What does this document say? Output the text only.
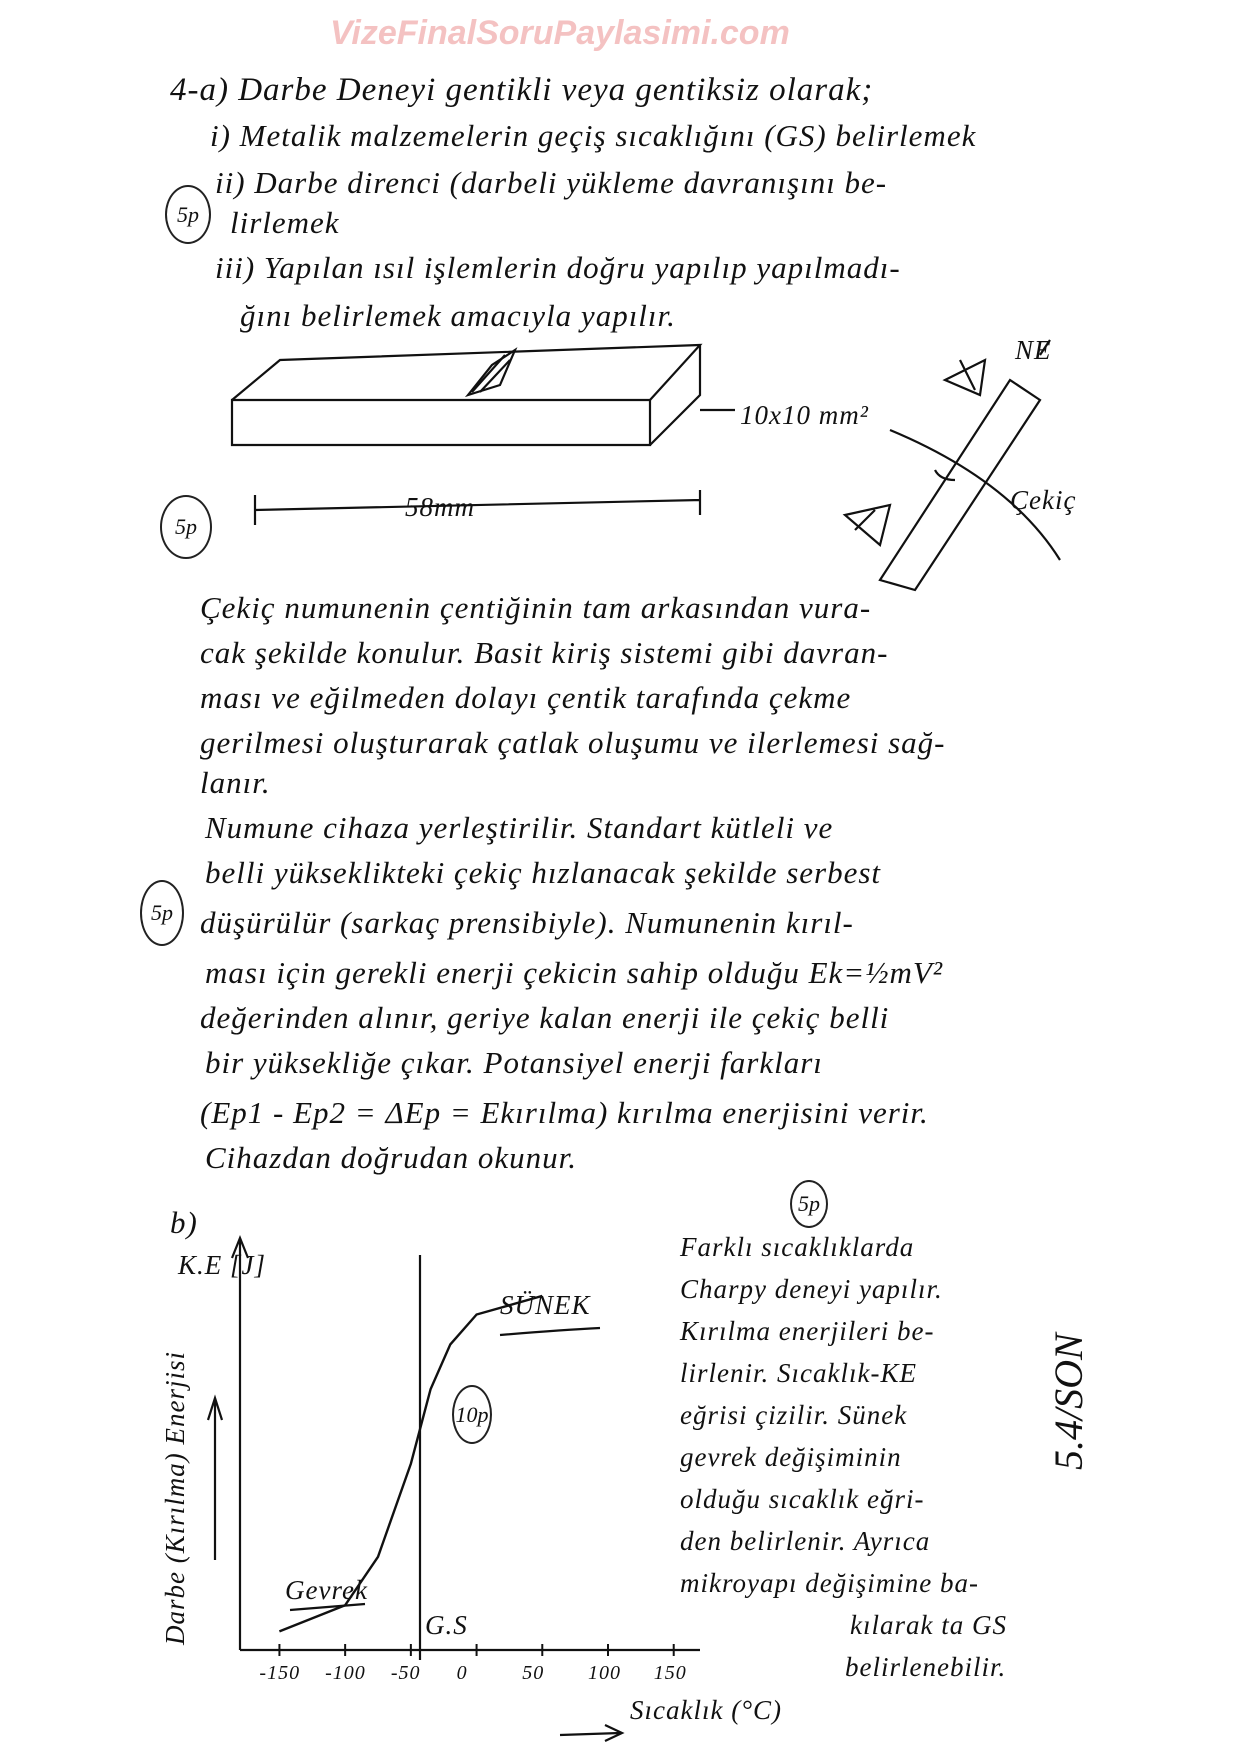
VizeFinalSoruPaylasimi.com
4-a) Darbe Deneyi gentikli veya gentiksiz olarak;
i) Metalik malzemelerin geçiş sıcaklığını (GS) belirlemek
ii) Darbe direnci (darbeli yükleme davranışını be-
lirlemek
iii) Yapılan ısıl işlemlerin doğru yapılıp yapılmadı-
ğını belirlemek amacıyla yapılır.
5p
5p
5p
10x10 mm²
58mm
NE
Çekiç
Çekiç numunenin çentiğinin tam arkasından vura-
cak şekilde konulur. Basit kiriş sistemi gibi davran-
ması ve eğilmeden dolayı çentik tarafında çekme
gerilmesi oluşturarak çatlak oluşumu ve ilerlemesi sağ-
lanır.
Numune cihaza yerleştirilir. Standart kütleli ve
belli yükseklikteki çekiç hızlanacak şekilde serbest
düşürülür (sarkaç prensibiyle). Numunenin kırıl-
ması için gerekli enerji çekicin sahip olduğu Ek=½mV²
değerinden alınır, geriye kalan enerji ile çekiç belli
bir yüksekliğe çıkar. Potansiyel enerji farkları
(Ep1 - Ep2 = ΔEp = Ekırılma) kırılma enerjisini verir.
Cihazdan doğrudan okunur.
b)
K.E [J]
Darbe (Kırılma) Enerjisi
SÜNEK
Gevrek
G.S
10p
5p
Sıcaklık (°C)
-150 -100 -50 0	50 100 150
Farklı sıcaklıklarda
Charpy deneyi yapılır.
Kırılma enerjileri be-
lirlenir. Sıcaklık-KE
eğrisi çizilir. Sünek
gevrek değişiminin
olduğu sıcaklık eğri-
den belirlenir. Ayrıca
mikroyapı değişimine ba-
kılarak ta GS
belirlenebilir.
5.4/SON
